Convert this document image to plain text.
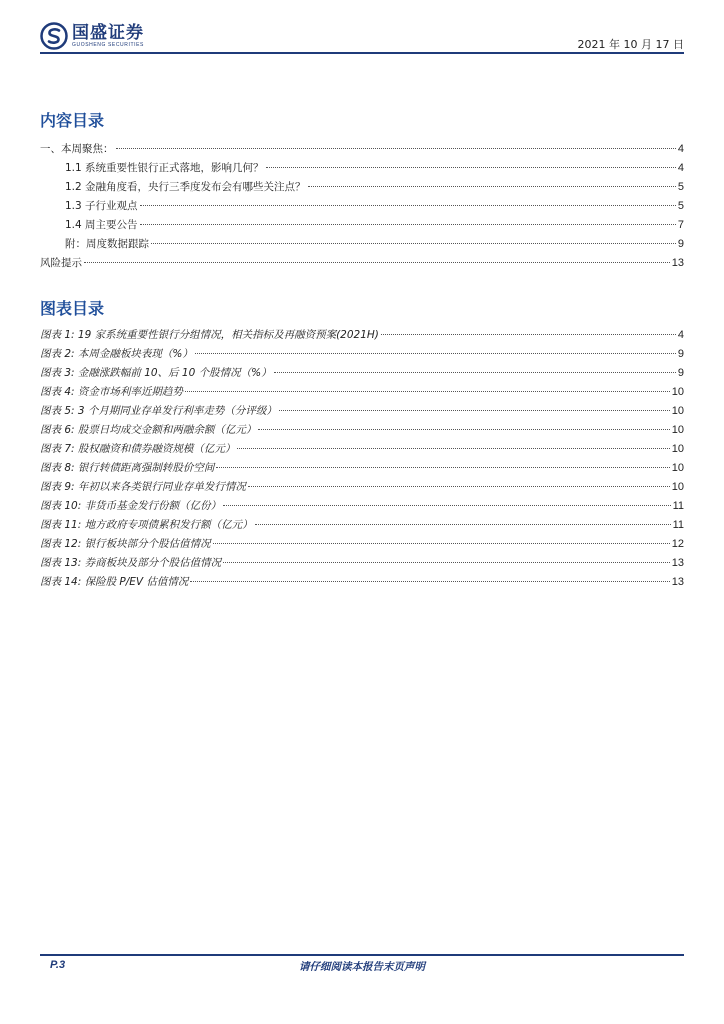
国盛证券
GUOSHENG SECURITIES	2021 年 10 月 17 日
内容目录
一、本周聚焦：	4
1.1 系统重要性银行正式落地，影响几何？	4
1.2 金融角度看，央行三季度发布会有哪些关注点？	5
1.3 子行业观点	5
1.4 周主要公告	7
附：周度数据跟踪	9
风险提示	13
图表目录
图表 1: 19 家系统重要性银行分组情况，相关指标及再融资预案(2021H)	4
图表 2: 本周金融板块表现（%）	9
图表 3: 金融涨跌幅前 10、后 10 个股情况（%）	9
图表 4: 资金市场利率近期趋势	10
图表 5: 3 个月期同业存单发行利率走势（分评级）	10
图表 6: 股票日均成交金额和两融余额（亿元）	10
图表 7: 股权融资和债券融资规模（亿元）	10
图表 8: 银行转债距离强制转股价空间	10
图表 9: 年初以来各类银行同业存单发行情况	10
图表 10: 非货币基金发行份额（亿份）	11
图表 11: 地方政府专项债累积发行额（亿元）	11
图表 12: 银行板块部分个股估值情况	12
图表 13: 券商板块及部分个股估值情况	13
图表 14: 保险股 P/EV 估值情况	13
P.3	请仔细阅读本报告末页声明
